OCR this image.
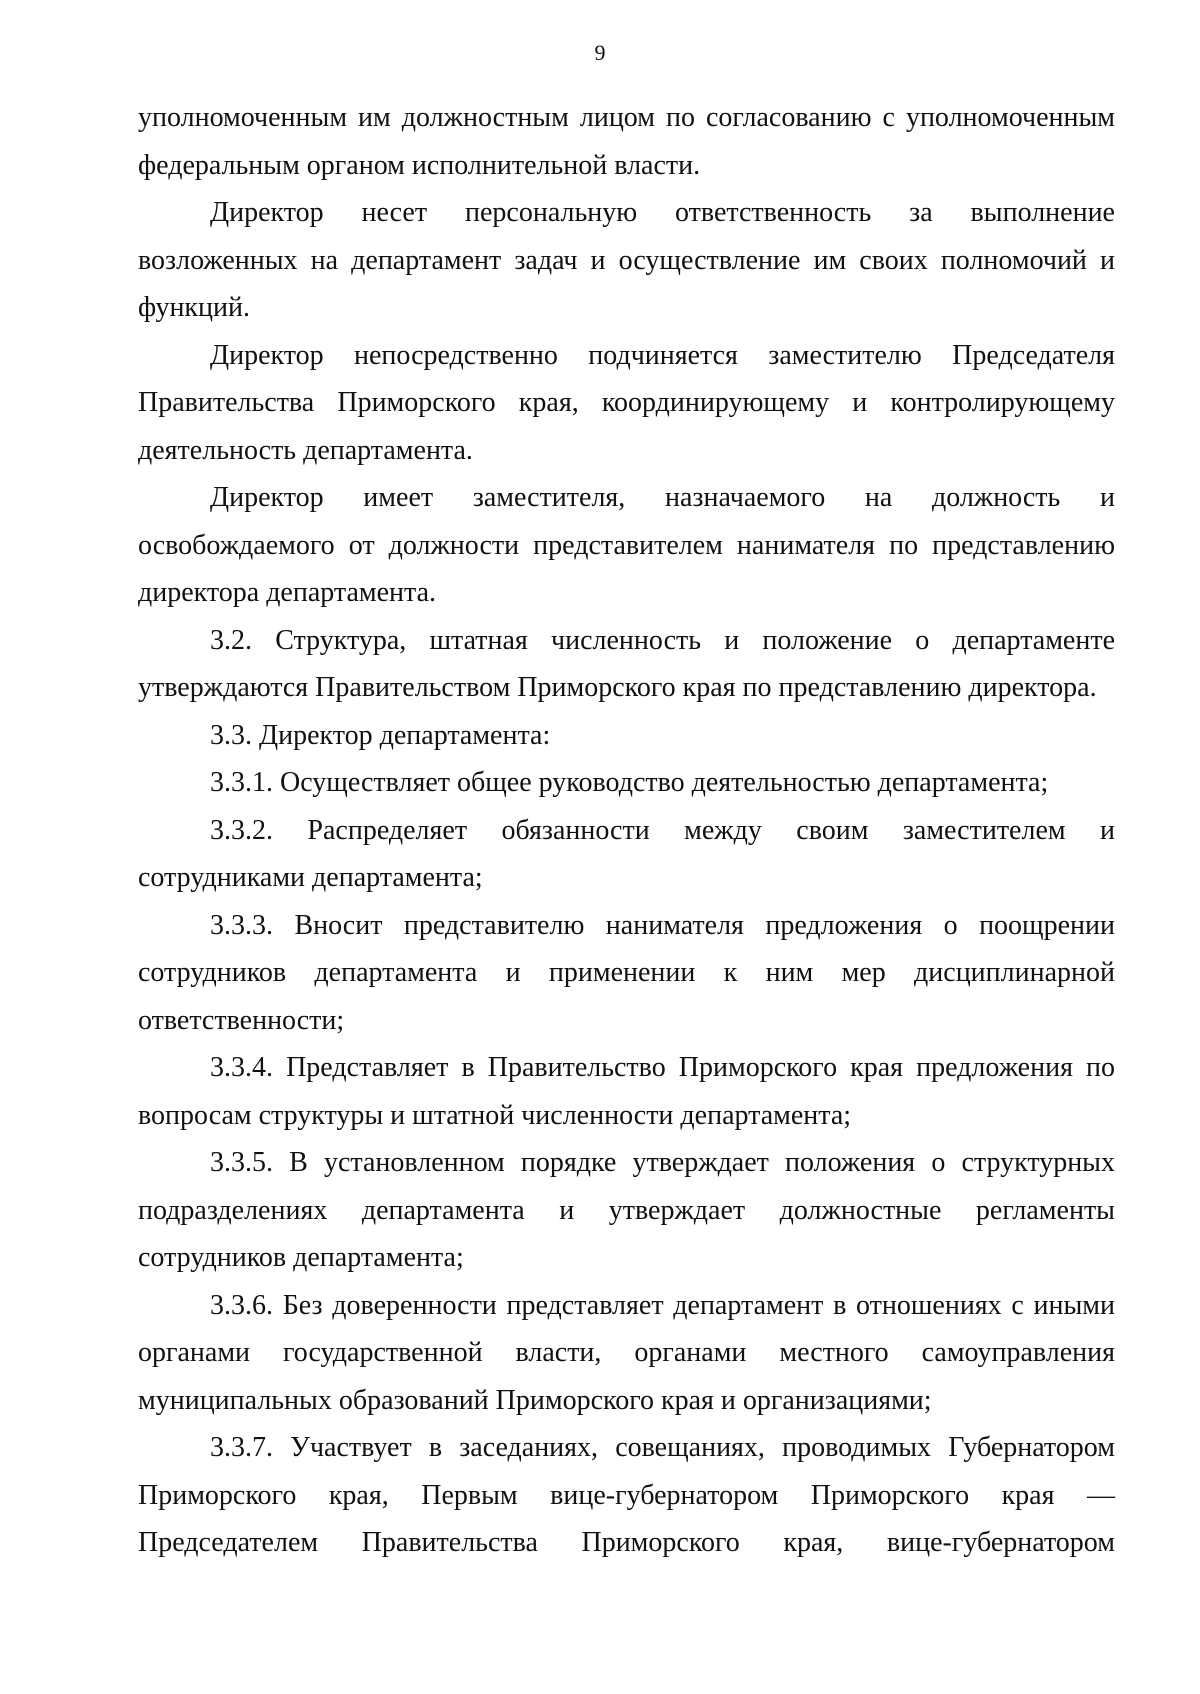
9

уполномоченным им должностным лицом по согласованию с уполномоченным федеральным органом исполнительной власти.

Директор несет персональную ответственность за выполнение возложенных на департамент задач и осуществление им своих полномочий и функций.

Директор непосредственно подчиняется заместителю Председателя Правительства Приморского края, координирующему и контролирующему деятельность департамента.

Директор имеет заместителя, назначаемого на должность и освобождаемого от должности представителем нанимателя по представлению директора департамента.

3.2. Структура, штатная численность и положение о департаменте утверждаются Правительством Приморского края по представлению директора.

3.3. Директор департамента:

3.3.1. Осуществляет общее руководство деятельностью департамента;

3.3.2. Распределяет обязанности между своим заместителем и сотрудниками департамента;

3.3.3. Вносит представителю нанимателя предложения о поощрении сотрудников департамента и применении к ним мер дисциплинарной ответственности;

3.3.4. Представляет в Правительство Приморского края предложения по вопросам структуры и штатной численности департамента;

3.3.5. В установленном порядке утверждает положения о структурных подразделениях департамента и утверждает должностные регламенты сотрудников департамента;

3.3.6. Без доверенности представляет департамент в отношениях с иными органами государственной власти, органами местного самоуправления муниципальных образований Приморского края и организациями;

3.3.7. Участвует в заседаниях, совещаниях, проводимых Губернатором Приморского края, Первым вице-губернатором Приморского края — Председателем Правительства Приморского края, вице-губернатором
